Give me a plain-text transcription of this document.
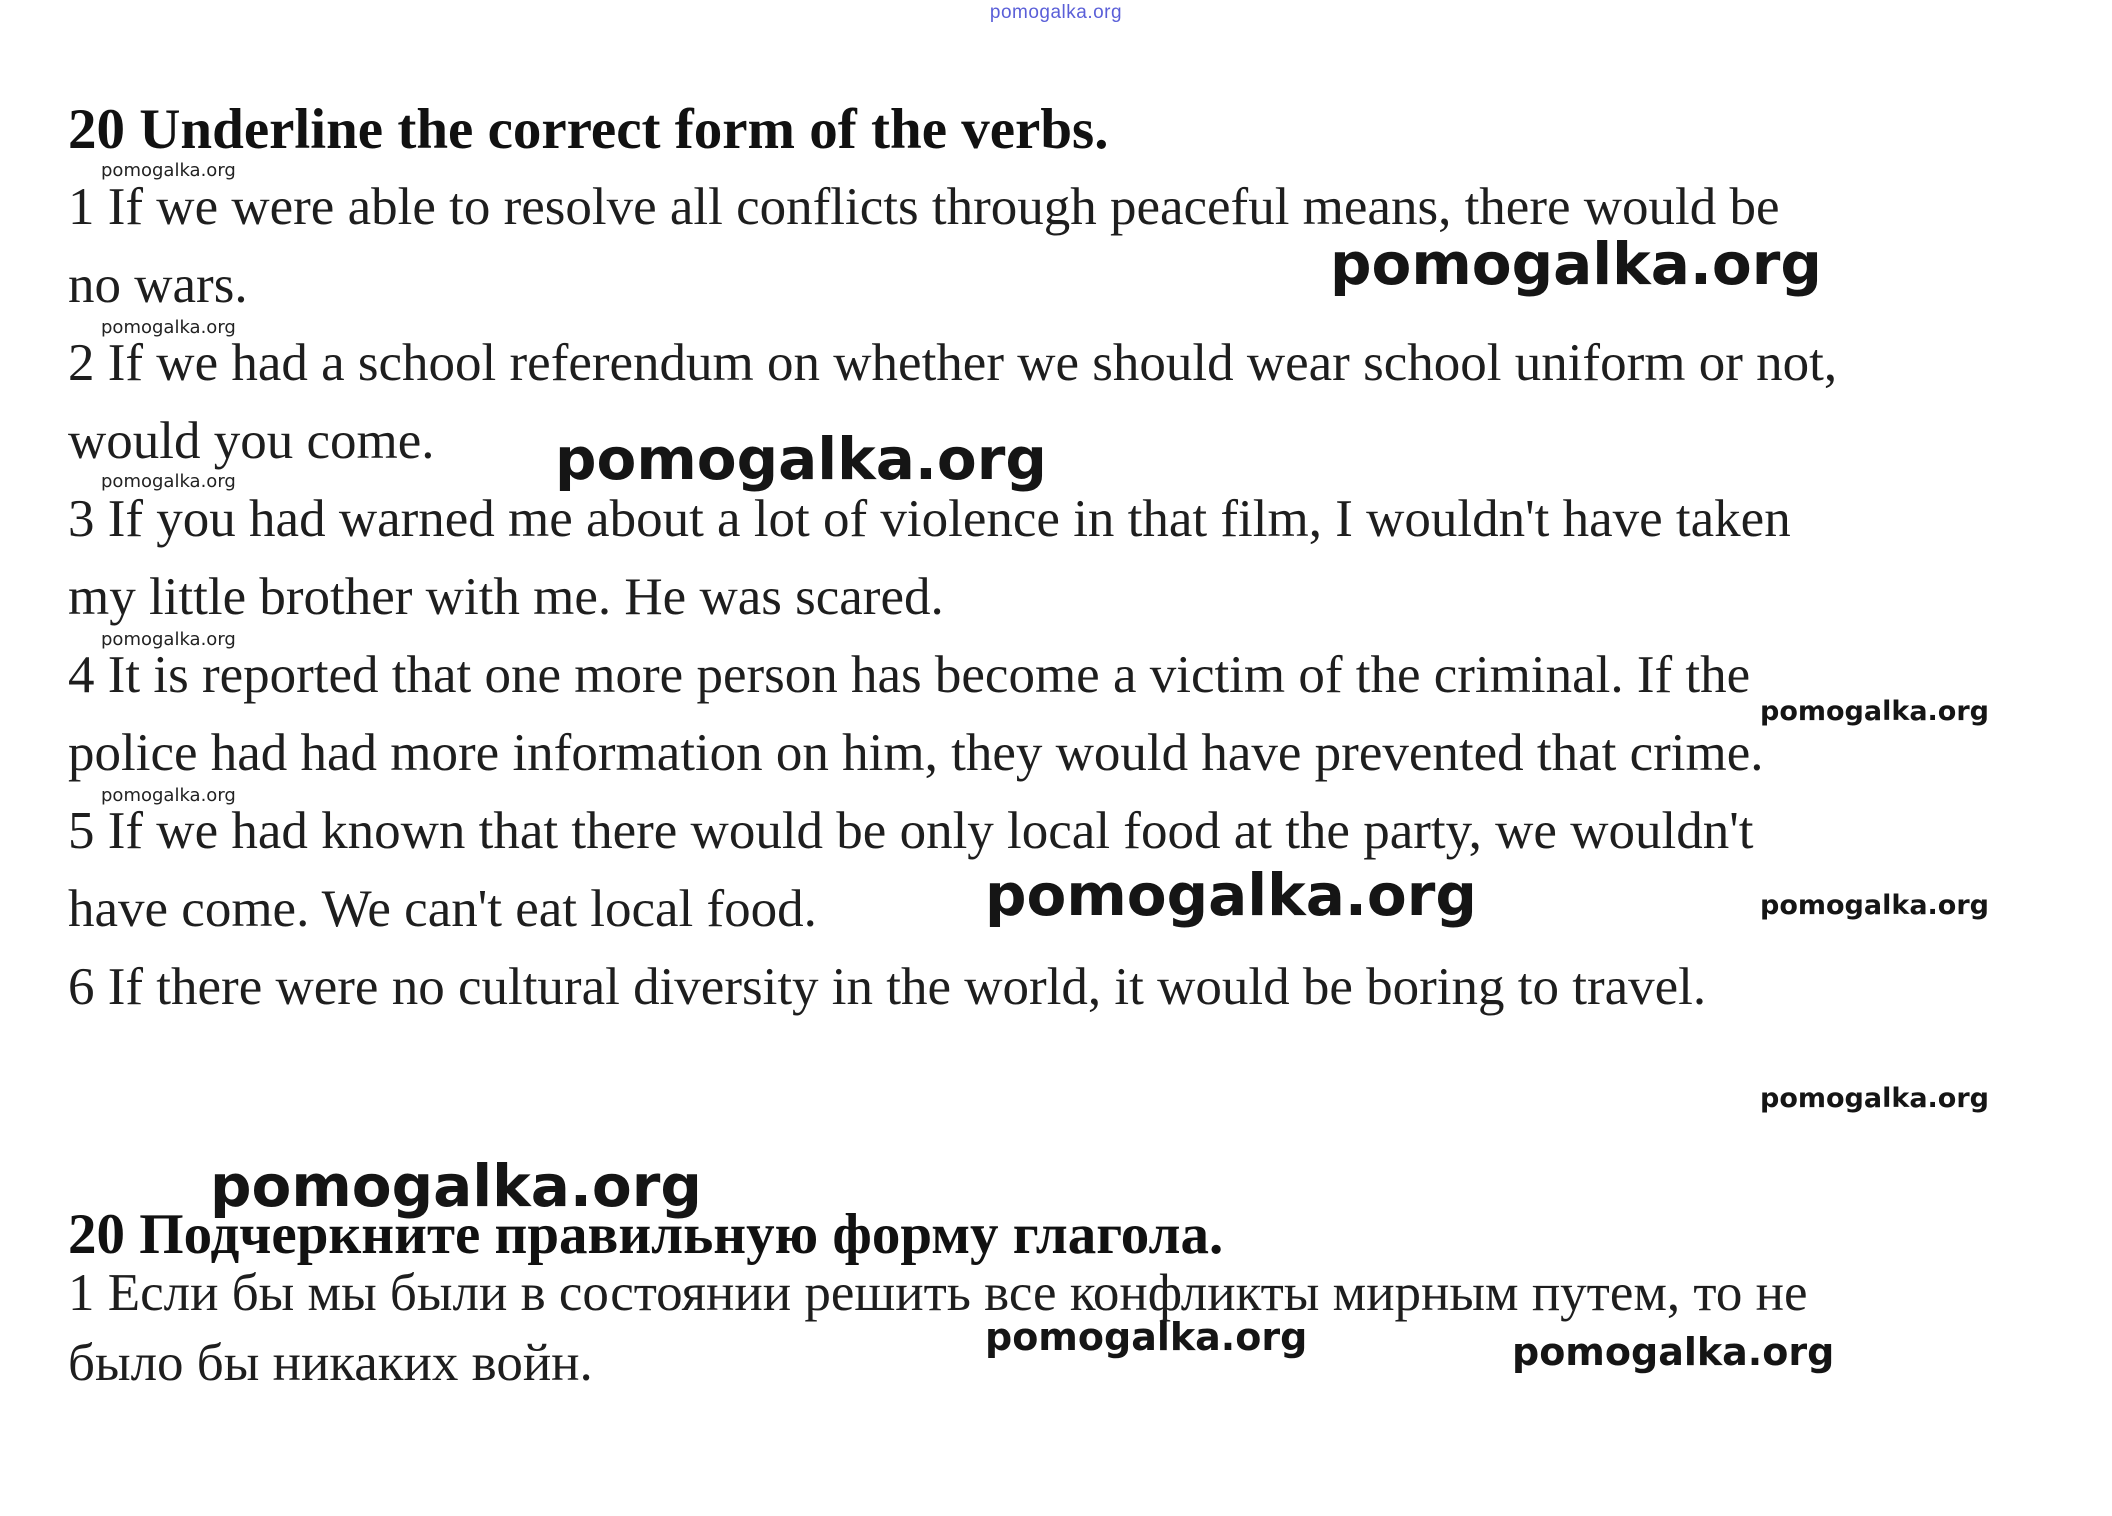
pomogalka.org
20 Underline the correct form of the verbs.
1 If we were able to resolve all conflicts through peaceful means, there would be
no wars.
2 If we had a school referendum on whether we should wear school uniform or not,
would you come.
3 If you had warned me about a lot of violence in that film, I wouldn't have taken
my little brother with me. He was scared.
4 It is reported that one more person has become a victim of the criminal. If the
police had had more information on him, they would have prevented that crime.
5 If we had known that there would be only local food at the party, we wouldn't
have come. We can't eat local food.
6 If there were no cultural diversity in the world, it would be boring to travel.
20 Подчеркните правильную форму глагола.
1 Если бы мы были в состоянии решить все конфликты мирным путем, то не
было бы никаких войн.
pomogalka.org
pomogalka.org
pomogalka.org
pomogalka.org
pomogalka.org
pomogalka.org
pomogalka.org
pomogalka.org
pomogalka.org	pomogalka.org
pomogalka.org
pomogalka.org
pomogalka.org	pomogalka.org
